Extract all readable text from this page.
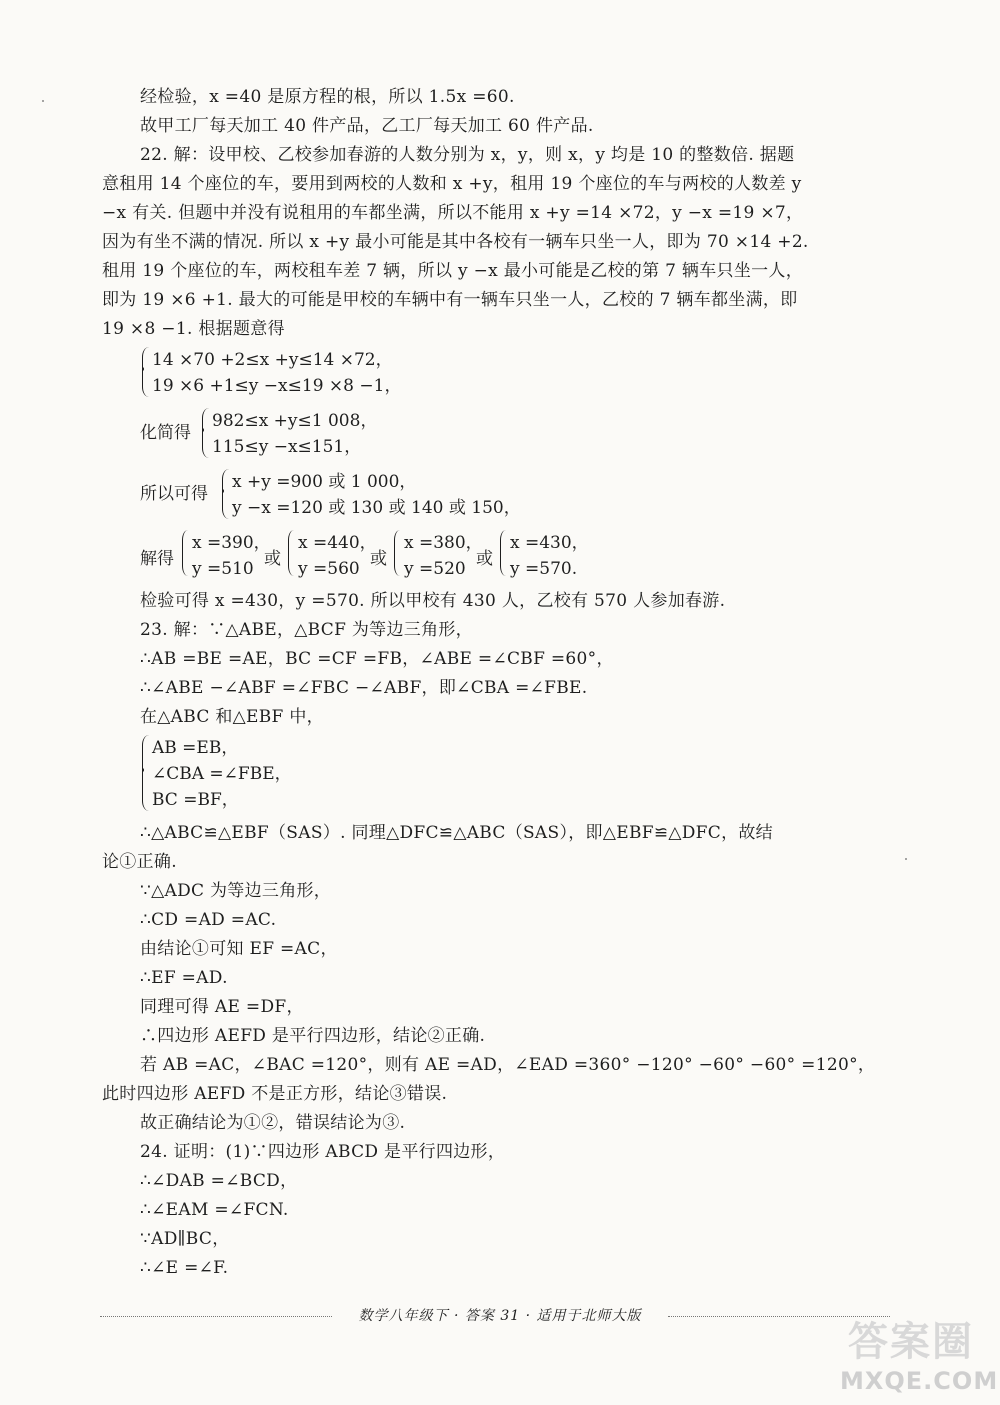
经检验，x =40 是原方程的根，所以 1.5x =60.
故甲工厂每天加工 40 件产品，乙工厂每天加工 60 件产品.
22. 解：设甲校、乙校参加春游的人数分别为 x，y，则 x，y 均是 10 的整数倍. 据题
意租用 14 个座位的车，要用到两校的人数和 x +y，租用 19 个座位的车与两校的人数差 y
−x 有关. 但题中并没有说租用的车都坐满，所以不能用 x +y =14 ×72，y −x =19 ×7，
因为有坐不满的情况. 所以 x +y 最小可能是其中各校有一辆车只坐一人，即为 70 ×14 +2.
租用 19 个座位的车，两校租车差 7 辆，所以 y −x 最小可能是乙校的第 7 辆车只坐一人，
即为 19 ×6 +1. 最大的可能是甲校的车辆中有一辆车只坐一人，乙校的 7 辆车都坐满，即
19 ×8 −1. 根据题意得
14 ×70 +2≤x +y≤14 ×72，
19 ×6 +1≤y −x≤19 ×8 −1，
化简得
982≤x +y≤1 008，
115≤y −x≤151，
所以可得
x +y =900 或 1 000，
y −x =120 或 130 或 140 或 150，
解得
x =390，
y =510 或
x =440，
y =560 或
x =380，
y =520 或
x =430，
y =570.
检验可得 x =430，y =570. 所以甲校有 430 人，乙校有 570 人参加春游.
23. 解：∵△ABE，△BCF 为等边三角形，
∴AB =BE =AE，BC =CF =FB，∠ABE =∠CBF =60°，
∴∠ABE −∠ABF =∠FBC −∠ABF，即∠CBA =∠FBE.
在△ABC 和△EBF 中，
AB =EB，
∠CBA =∠FBE，
BC =BF，
∴△ABC≌△EBF（SAS）. 同理△DFC≌△ABC（SAS），即△EBF≌△DFC，故结
论①正确.
∵△ADC 为等边三角形，
∴CD =AD =AC.
由结论①可知 EF =AC，
∴EF =AD.
同理可得 AE =DF，
∴四边形 AEFD 是平行四边形，结论②正确.
若 AB =AC，∠BAC =120°，则有 AE =AD，∠EAD =360° −120° −60° −60° =120°，
此时四边形 AEFD 不是正方形，结论③错误.
故正确结论为①②，错误结论为③.
24. 证明：(1)∵四边形 ABCD 是平行四边形，
∴∠DAB =∠BCD，
∴∠EAM =∠FCN.
∵AD∥BC，
∴∠E =∠F.
数学八年级下 · 答案 31 · 适用于北师大版
答案圈
MXQE.COM
